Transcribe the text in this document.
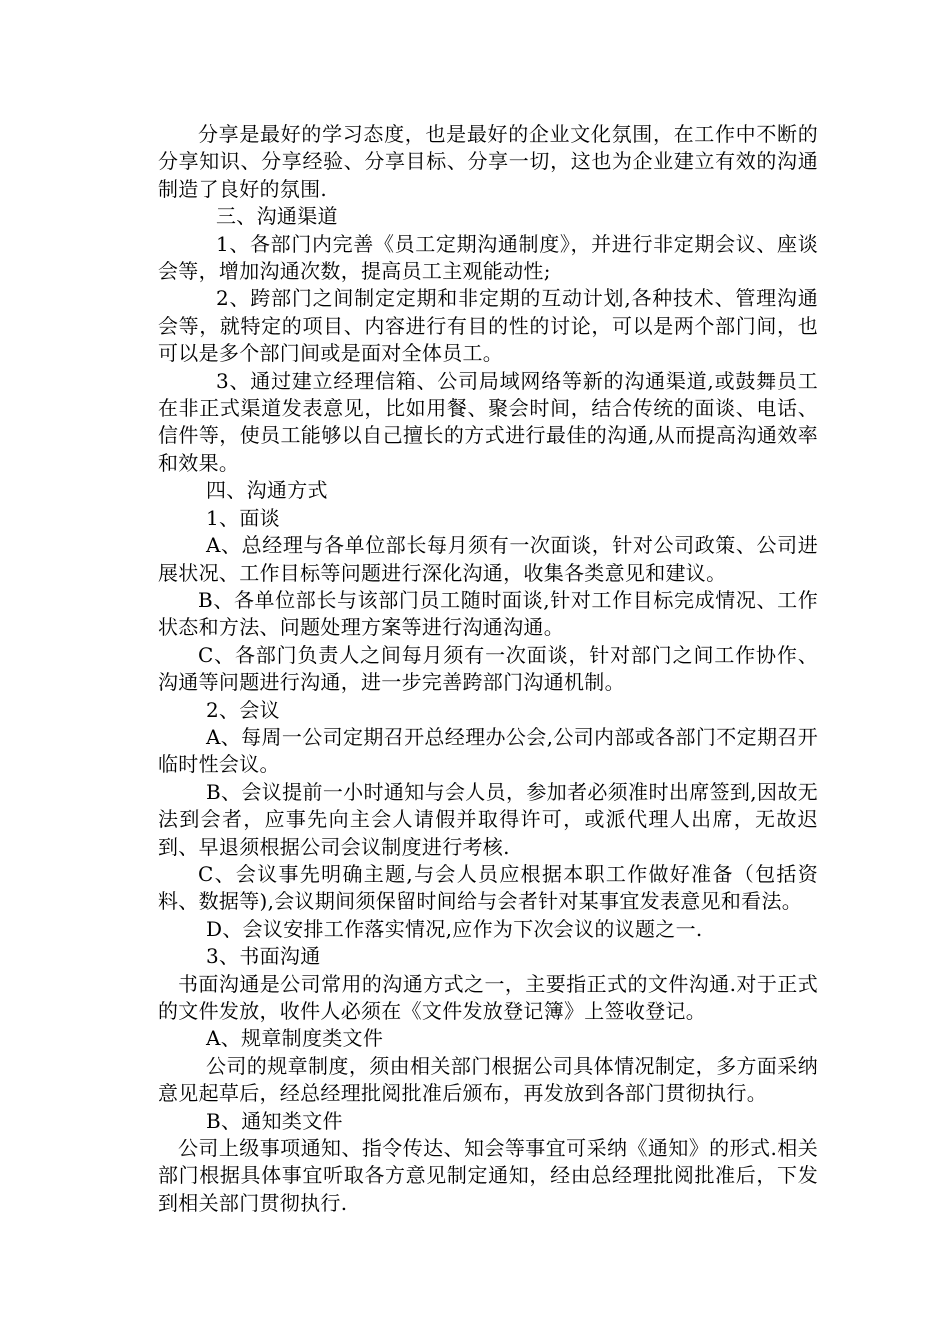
分享是最好的学习态度，也是最好的企业文化氛围，在工作中不断的分享知识、分享经验、分享目标、分享一切，这也为企业建立有效的沟通制造了良好的氛围.

三、沟通渠道

1、各部门内完善《员工定期沟通制度》，并进行非定期会议、座谈会等，增加沟通次数，提高员工主观能动性;

2、跨部门之间制定定期和非定期的互动计划,各种技术、管理沟通会等，就特定的项目、内容进行有目的性的讨论，可以是两个部门间，也可以是多个部门间或是面对全体员工。

3、通过建立经理信箱、公司局域网络等新的沟通渠道,或鼓舞员工在非正式渠道发表意见，比如用餐、聚会时间，结合传统的面谈、电话、信件等，使员工能够以自己擅长的方式进行最佳的沟通,从而提高沟通效率和效果。

四、沟通方式

1、面谈

A、总经理与各单位部长每月须有一次面谈，针对公司政策、公司进展状况、工作目标等问题进行深化沟通，收集各类意见和建议。

B、各单位部长与该部门员工随时面谈,针对工作目标完成情况、工作状态和方法、问题处理方案等进行沟通沟通。

C、各部门负责人之间每月须有一次面谈，针对部门之间工作协作、沟通等问题进行沟通，进一步完善跨部门沟通机制。

2、会议

A、每周一公司定期召开总经理办公会,公司内部或各部门不定期召开临时性会议。

B、会议提前一小时通知与会人员，参加者必须准时出席签到,因故无法到会者，应事先向主会人请假并取得许可，或派代理人出席，无故迟到、早退须根据公司会议制度进行考核.

C、会议事先明确主题,与会人员应根据本职工作做好准备（包括资料、数据等),会议期间须保留时间给与会者针对某事宜发表意见和看法。

D、会议安排工作落实情况,应作为下次会议的议题之一.

3、书面沟通

书面沟通是公司常用的沟通方式之一，主要指正式的文件沟通.对于正式的文件发放，收件人必须在《文件发放登记簿》上签收登记。

A、规章制度类文件

公司的规章制度，须由相关部门根据公司具体情况制定，多方面采纳意见起草后，经总经理批阅批准后颁布，再发放到各部门贯彻执行。

B、通知类文件

公司上级事项通知、指令传达、知会等事宜可采纳《通知》的形式.相关部门根据具体事宜听取各方意见制定通知，经由总经理批阅批准后，下发到相关部门贯彻执行.
